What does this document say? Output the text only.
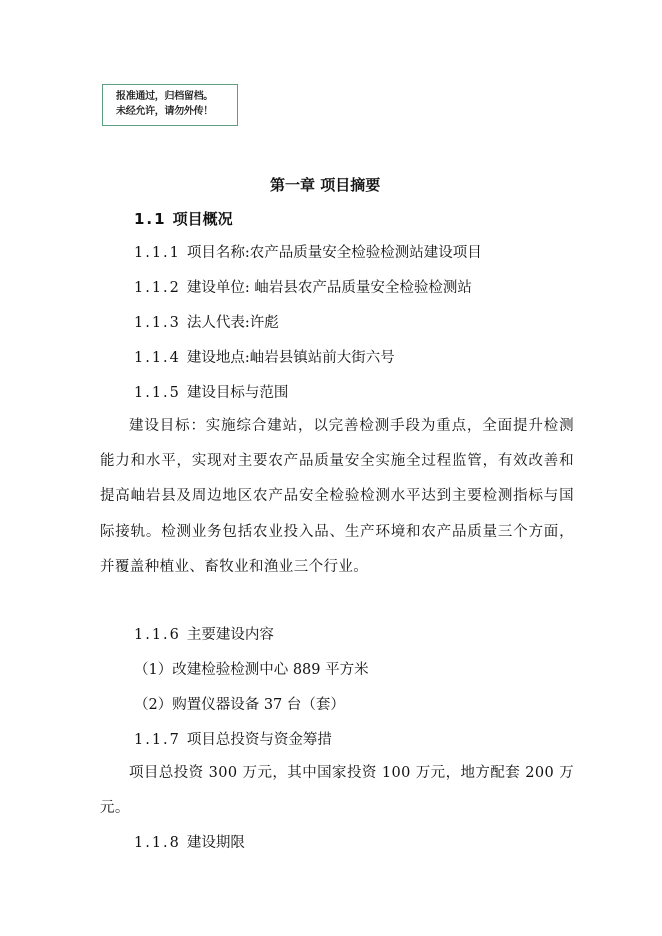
报准通过，归档留档。
未经允许，请勿外传！
第一章 项目摘要
1.1 项目概况
1.1.1 项目名称:农产品质量安全检验检测站建设项目
1.1.2 建设单位: 岫岩县农产品质量安全检验检测站
1.1.3 法人代表:许彪
1.1.4 建设地点:岫岩县镇站前大街六号
1.1.5 建设目标与范围
建设目标：实施综合建站，以完善检测手段为重点，全面提升检测能力和水平，实现对主要农产品质量安全实施全过程监管，有效改善和提高岫岩县及周边地区农产品安全检验检测水平达到主要检测指标与国际接轨。检测业务包括农业投入品、生产环境和农产品质量三个方面，并覆盖种植业、畜牧业和渔业三个行业。
1.1.6 主要建设内容
（1）改建检验检测中心 889 平方米
（2）购置仪器设备 37 台（套）
1.1.7 项目总投资与资金筹措
项目总投资 300 万元，其中国家投资 100 万元，地方配套 200 万元。
1.1.8 建设期限
